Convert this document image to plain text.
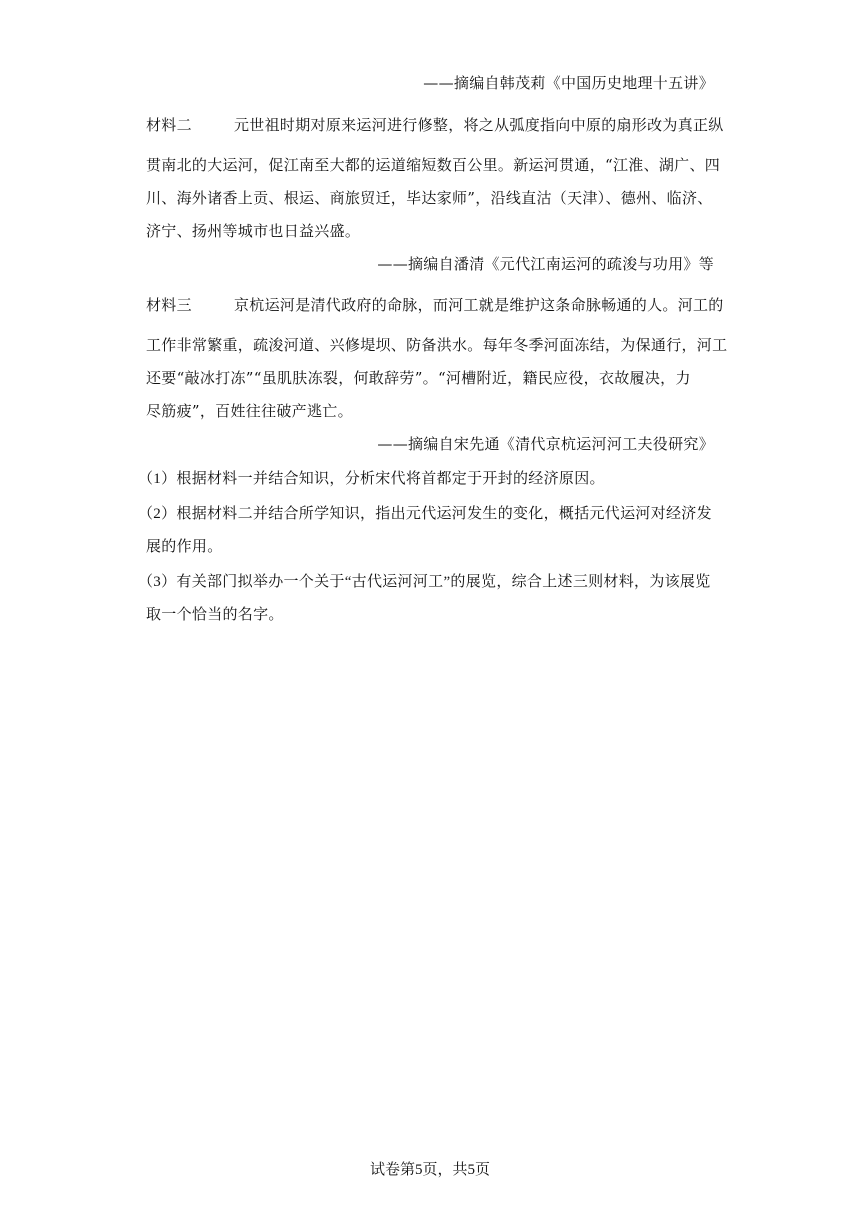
——摘编自韩茂莉《中国历史地理十五讲》
材料二	元世祖时期对原来运河进行修整，将之从弧度指向中原的扇形改为真正纵
贯南北的大运河，促江南至大都的运道缩短数百公里。新运河贯通，“江淮、湖广、四
川、海外诸香上贡、根运、商旅贸迁，毕达家师”，沿线直沽（天津）、德州、临济、
济宁、扬州等城市也日益兴盛。
——摘编自潘清《元代江南运河的疏浚与功用》等
材料三	京杭运河是清代政府的命脉，而河工就是维护这条命脉畅通的人。河工的
工作非常繁重，疏浚河道、兴修堤坝、防备洪水。每年冬季河面冻结，为保通行，河工
还要“敲冰打冻”“虽肌肤冻裂，何敢辞劳”。“河槽附近，籍民应役，衣故履决，力
尽筋疲”，百姓往往破产逃亡。
——摘编自宋先通《清代京杭运河河工夫役研究》
（1）根据材料一并结合知识，分析宋代将首都定于开封的经济原因。
（2）根据材料二并结合所学知识，指出元代运河发生的变化，概括元代运河对经济发
展的作用。
（3）有关部门拟举办一个关于“古代运河河工”的展览，综合上述三则材料，为该展览
取一个恰当的名字。
试卷第5页，共5页
